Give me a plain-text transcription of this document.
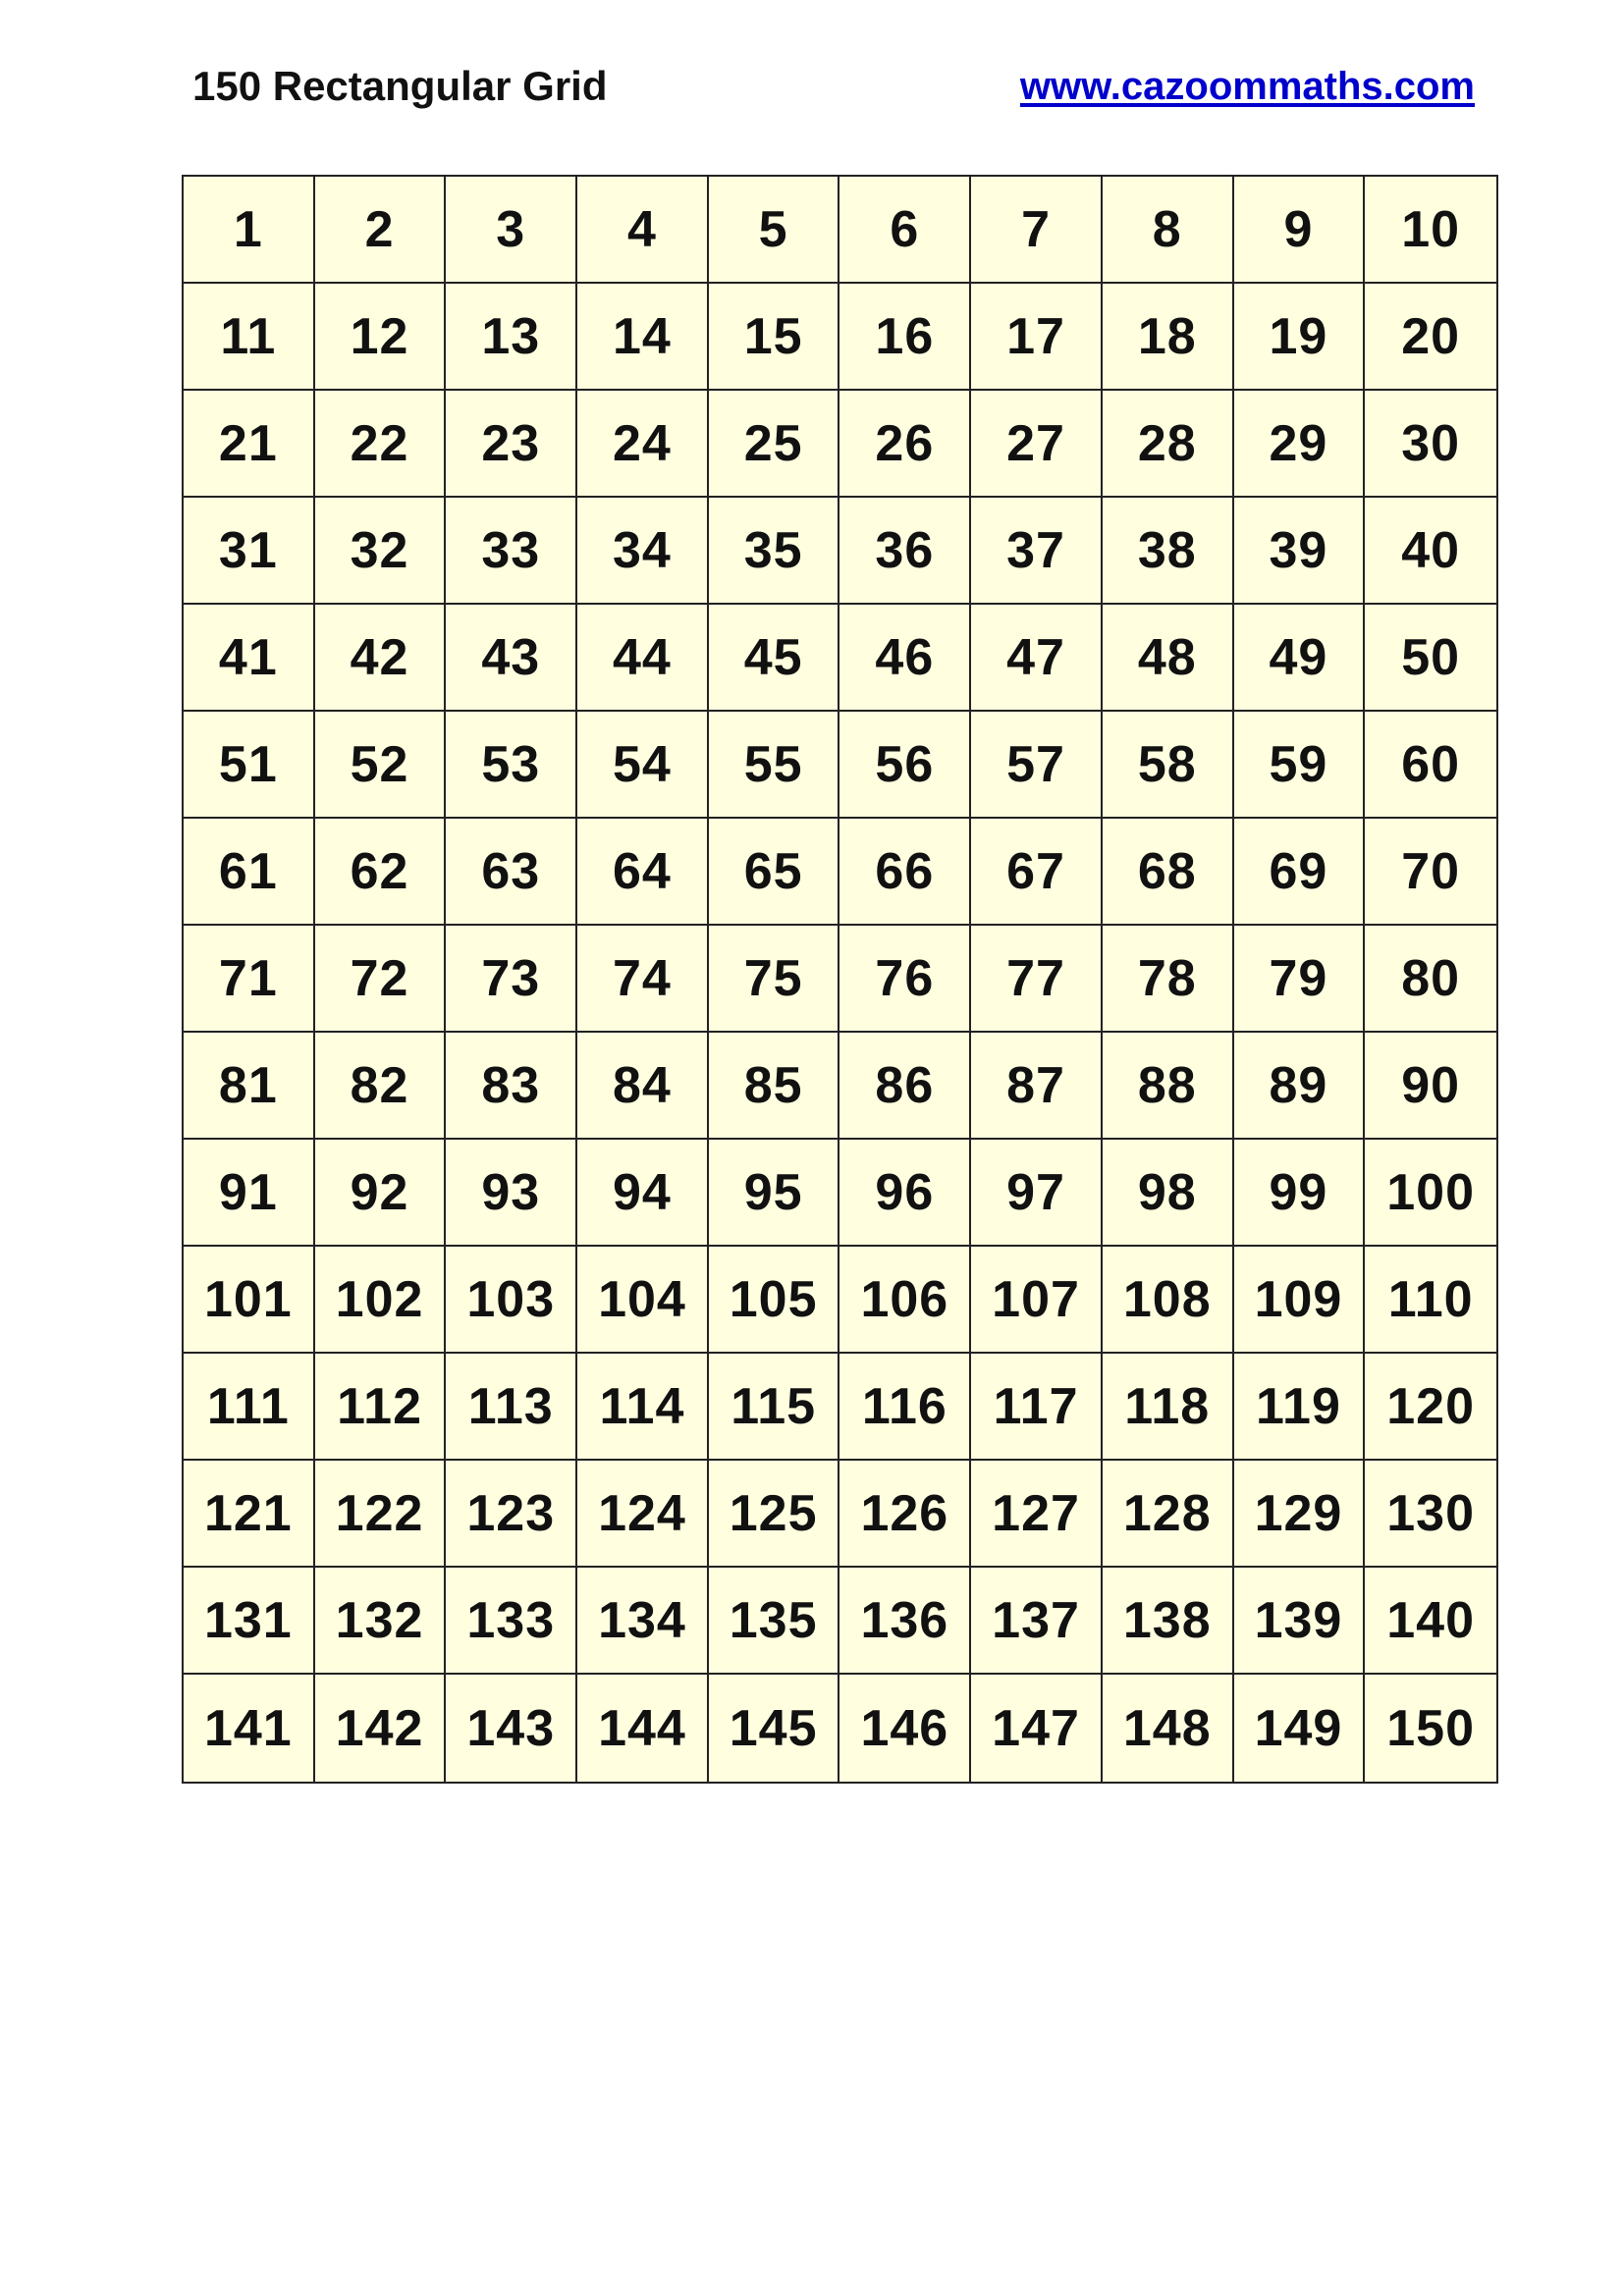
150 Rectangular Grid	www.cazoommaths.com
1	2	3	4	5	6	7	8	9	10
11	12	13	14	15	16	17	18	19	20
21	22	23	24	25	26	27	28	29	30
31	32	33	34	35	36	37	38	39	40
41	42	43	44	45	46	47	48	49	50
51	52	53	54	55	56	57	58	59	60
61	62	63	64	65	66	67	68	69	70
71	72	73	74	75	76	77	78	79	80
81	82	83	84	85	86	87	88	89	90
91	92	93	94	95	96	97	98	99	100
101 102 103 104 105 106 107 108 109 110
111 112 113 114 115 116 117 118 119 120
121 122 123 124 125 126 127 128 129 130
131 132 133 134 135 136 137 138 139 140
141 142 143 144 145 146 147 148 149 150
